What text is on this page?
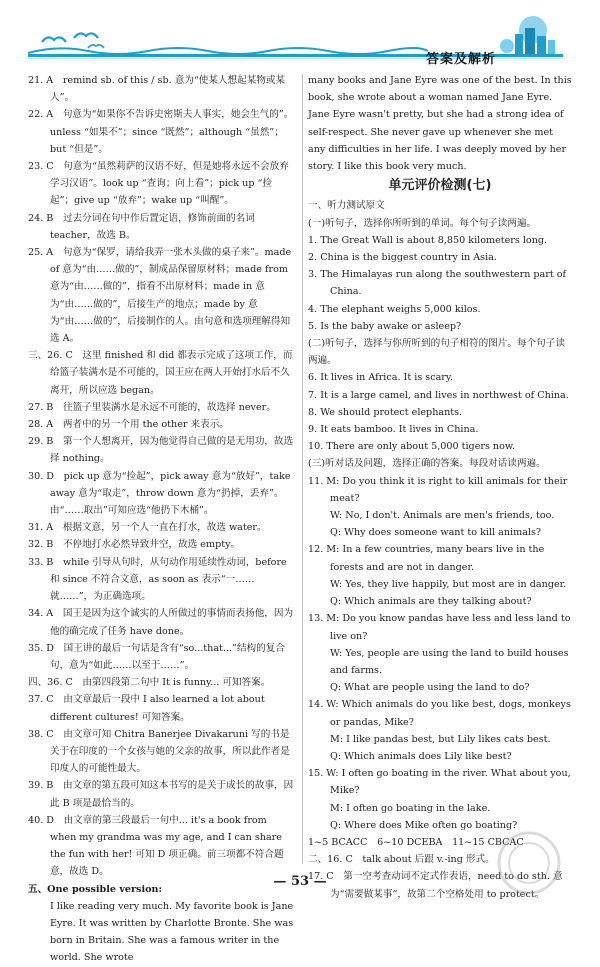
答案及解析

21. A　remind sb. of this / sb. 意为“使某人想起某物或某人”。

22. A　句意为“如果你不告诉史密斯夫人事实，她会生气的”。unless “如果不”；since “既然”；although “虽然”；but “但是”。

23. C　句意为“虽然莉萨的汉语不好，但是她将永远不会放弃学习汉语”。look up “查询；向上看”；pick up “捡起”；give up “放弃”；wake up “叫醒”。

24. B　过去分词在句中作后置定语，修饰前面的名词 teacher，故选 B。

25. A　句意为“保罗，请给我弄一张木头做的桌子来”。made of 意为“由……做的”，制成品保留原材料；made from 意为“由……做的”，指看不出原材料；made in 意为“由……做的”，后接生产的地点；made by 意为“由……做的”，后接制作的人。由句意和选项理解得知选 A。

三、26. C　这里 finished 和 did 都表示完成了这项工作，而给篮子装满水是不可能的，国王应在两人开始打水后不久离开，所以应选 began。

27. B　往篮子里装满水是永远不可能的，故选择 never。

28. A　两者中的另一个用 the other 来表示。

29. B　第一个人想离开，因为他觉得自己做的是无用功，故选择 nothing。

30. D　pick up 意为“捡起”，pick away 意为“放好”，take away 意为“取走”，throw down 意为“扔掉，丢弃”。由“……取出”可知应选“他扔下木桶”。

31. A　根据文意，另一个人一直在打水，故选 water。

32. B　不停地打水必然导致井空，故选 empty。

33. B　while 引导从句时，从句动作用延续性动词，before 和 since 不符合文意，as soon as 表示“一……就……”，为正确选项。

34. A　国王是因为这个诚实的人所做过的事情而表扬他，因为他的确完成了任务 have done。

35. D　国王讲的最后一句话是含有“so...that...”结构的复合句，意为“如此……以至于……”。

四、36. C　由第四段第二句中 It is funny... 可知答案。

37. C　由文章最后一段中 I also learned a lot about different cultures! 可知答案。

38. C　由文章可知 Chitra Banerjee Divakaruni 写的书是关于在印度的一个女孩与她的父亲的故事，所以此作者是印度人的可能性最大。

39. B　由文章的第五段可知这本书写的是关于成长的故事，因此 B 项是最恰当的。

40. D　由文章的第三段最后一句中... it's a book from when my grandma was my age, and I can share the fun with her! 可知 D 项正确。前三项都不符合题意，故选 D。

五、One possible version:

I like reading very much. My favorite book is Jane Eyre. It was written by Charlotte Bronte. She was born in Britain. She was a famous writer in the world. She wrote

many books and Jane Eyre was one of the best. In this book, she wrote about a woman named Jane Eyre. Jane Eyre wasn't pretty, but she had a strong idea of self-respect. She never gave up whenever she met any difficulties in her life. I was deeply moved by her story. I like this book very much.

单元评价检测(七)

一、听力测试原文

(一)听句子，选择你所听到的单词。每个句子读两遍。

1. The Great Wall is about 8,850 kilometers long.

2. China is the biggest country in Asia.

3. The Himalayas run along the southwestern part of China.

4. The elephant weighs 5,000 kilos.

5. Is the baby awake or asleep?

(二)听句子，选择与你所听到的句子相符的图片。每个句子读两遍。

6. It lives in Africa. It is scary.

7. It is a large camel, and lives in northwest of China.

8. We should protect elephants.

9. It eats bamboo. It lives in China.

10. There are only about 5,000 tigers now.

(三)听对话及问题，选择正确的答案。每段对话读两遍。

11. M: Do you think it is right to kill animals for their meat?

W: No, I don't. Animals are men's friends, too.

Q: Why does someone want to kill animals?

12. M: In a few countries, many bears live in the forests and are not in danger.

W: Yes, they live happily, but most are in danger.

Q: Which animals are they talking about?

13. M: Do you know pandas have less and less land to live on?

W: Yes, people are using the land to build houses and farms.

Q: What are people using the land to do?

14. W: Which animals do you like best, dogs, monkeys or pandas, Mike?

M: I like pandas best, but Lily likes cats best.

Q: Which animals does Lily like best?

15. W: I often go boating in the river. What about you, Mike?

M: I often go boating in the lake.

Q: Where does Mike often go boating?

1~5 BCACC　6~10 DCEBA　11~15 CBCAC

二、16. C　talk about 后跟 v.-ing 形式。

17. C　第一空考查动词不定式作表语，need to do sth. 意为“需要做某事”，故第二个空格处用 to protect。

— 53 —
